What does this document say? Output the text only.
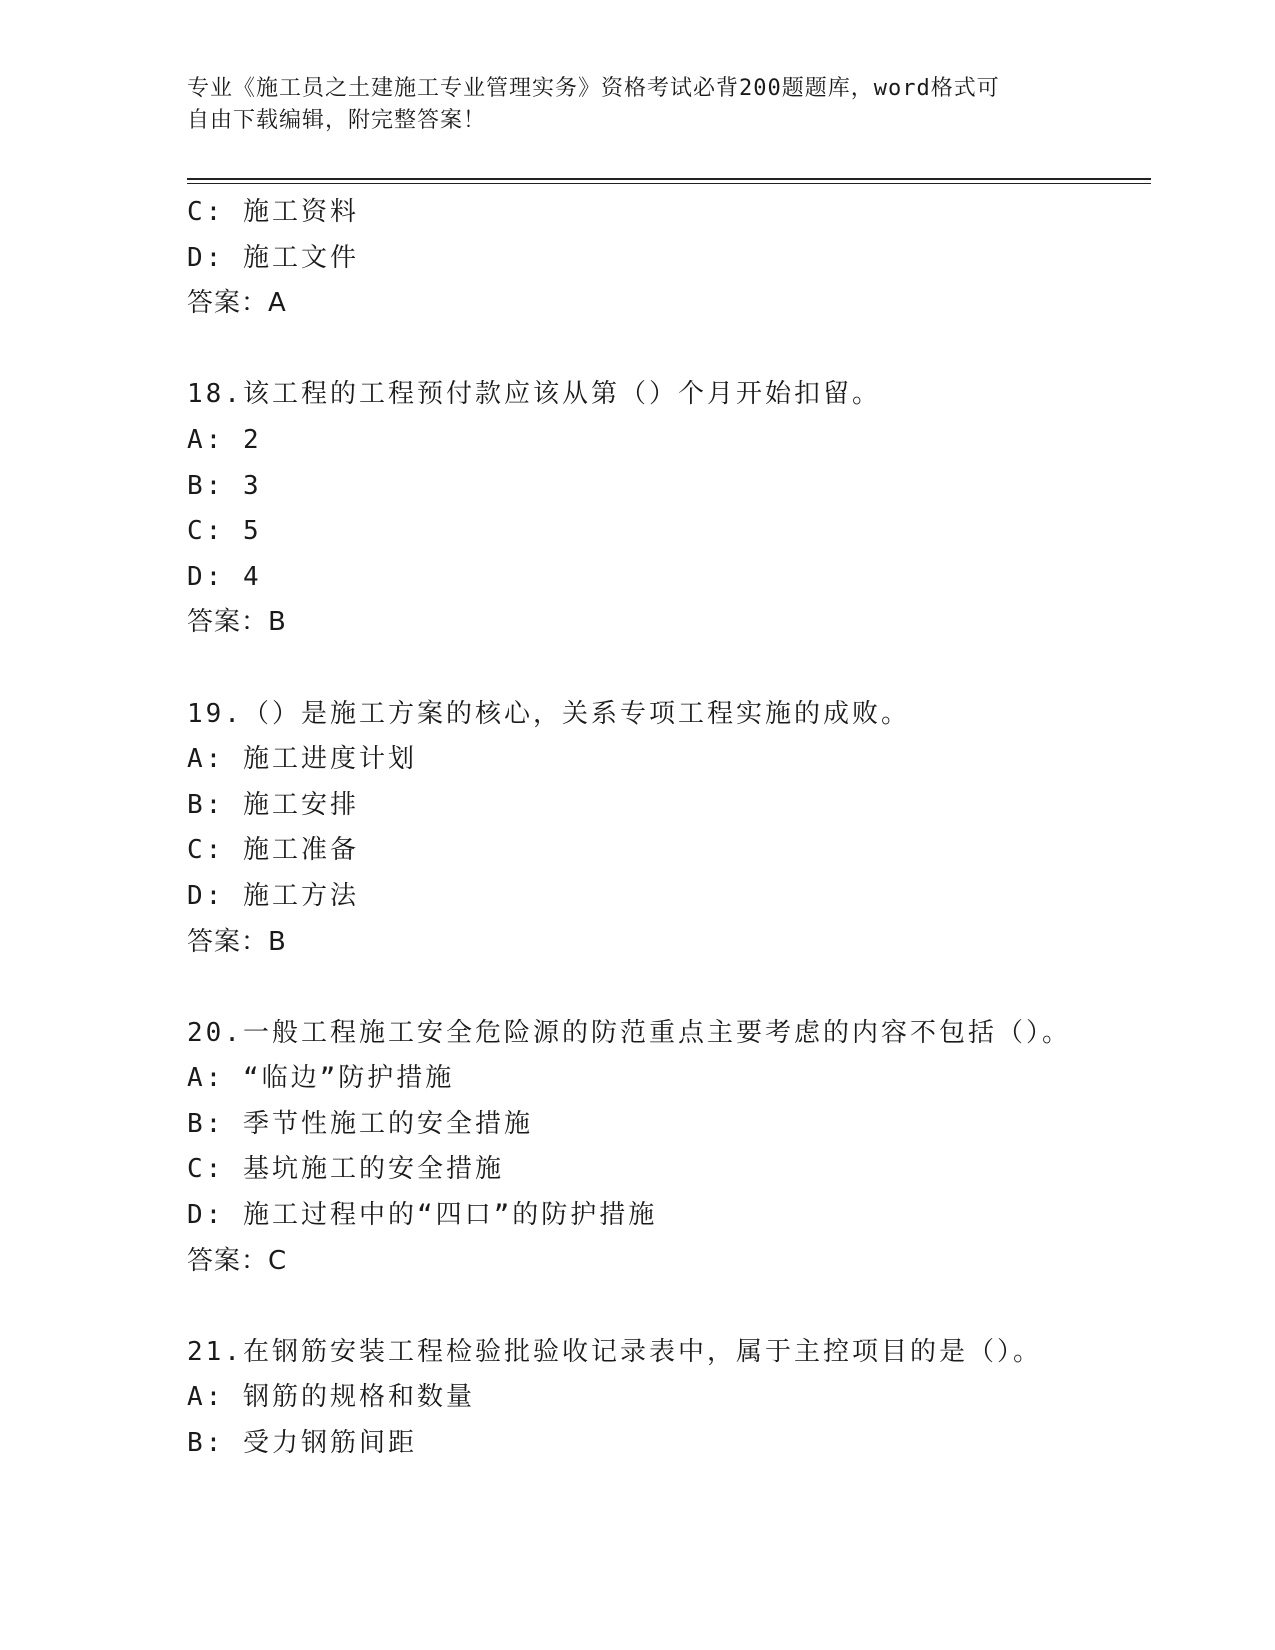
专业《施工员之土建施工专业管理实务》资格考试必背200题题库，word格式可
自由下载编辑，附完整答案！
C: 施工资料
D: 施工文件
答案：A
18.该工程的工程预付款应该从第（）个月开始扣留。
A: 2
B: 3
C: 5
D: 4
答案：B
19.（）是施工方案的核心，关系专项工程实施的成败。
A: 施工进度计划
B: 施工安排
C: 施工准备
D: 施工方法
答案：B
20.一般工程施工安全危险源的防范重点主要考虑的内容不包括（）。
A: “临边”防护措施
B: 季节性施工的安全措施
C: 基坑施工的安全措施
D: 施工过程中的“四口”的防护措施
答案：C
21.在钢筋安装工程检验批验收记录表中，属于主控项目的是（）。
A: 钢筋的规格和数量
B: 受力钢筋间距
